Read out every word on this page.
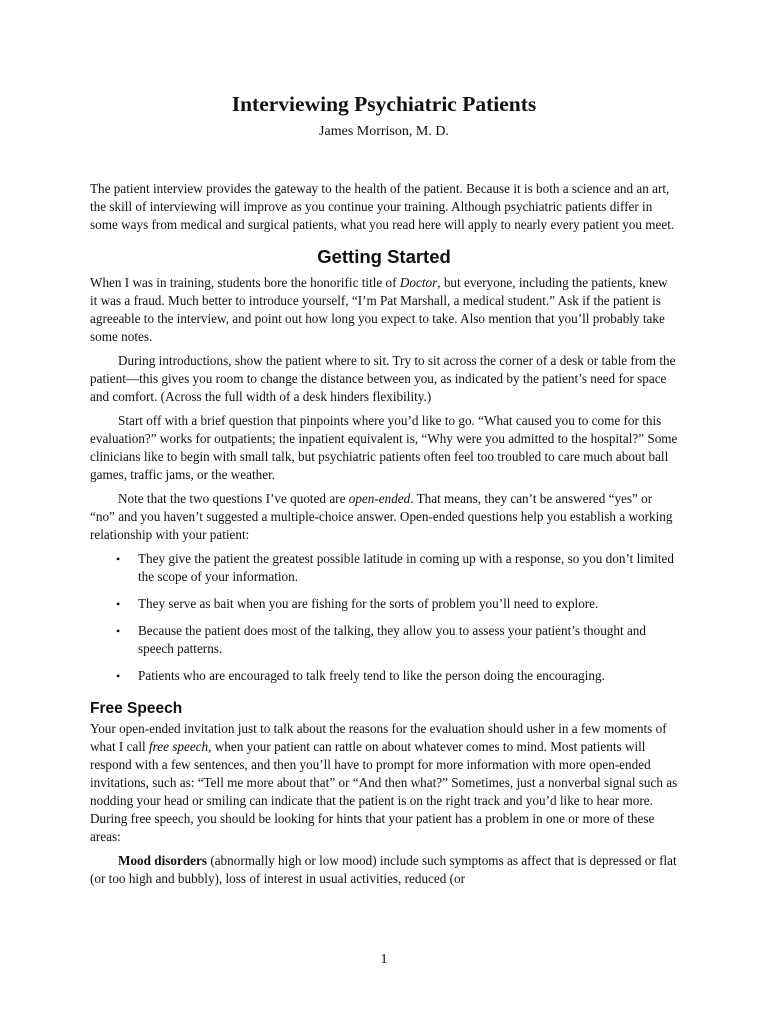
Interviewing Psychiatric Patients

James Morrison, M. D.

The patient interview provides the gateway to the health of the patient. Because it is both a science and an art, the skill of interviewing will improve as you continue your training. Although psychiatric patients differ in some ways from medical and surgical patients, what you read here will apply to nearly every patient you meet.

Getting Started

When I was in training, students bore the honorific title of Doctor, but everyone, including the patients, knew it was a fraud. Much better to introduce yourself, “I’m Pat Marshall, a medical student.” Ask if the patient is agreeable to the interview, and point out how long you expect to take. Also mention that you’ll probably take some notes.

During introductions, show the patient where to sit. Try to sit across the corner of a desk or table from the patient—this gives you room to change the distance between you, as indicated by the patient’s need for space and comfort. (Across the full width of a desk hinders flexibility.)

Start off with a brief question that pinpoints where you’d like to go. “What caused you to come for this evaluation?” works for outpatients; the inpatient equivalent is, “Why were you admitted to the hospital?” Some clinicians like to begin with small talk, but psychiatric patients often feel too troubled to care much about ball games, traffic jams, or the weather.

Note that the two questions I’ve quoted are open-ended. That means, they can’t be answered “yes” or “no” and you haven’t suggested a multiple-choice answer. Open-ended questions help you establish a working relationship with your patient:

• They give the patient the greatest possible latitude in coming up with a response, so you don’t limited the scope of your information.
• They serve as bait when you are fishing for the sorts of problem you’ll need to explore.
• Because the patient does most of the talking, they allow you to assess your patient’s thought and speech patterns.
• Patients who are encouraged to talk freely tend to like the person doing the encouraging.
Free Speech

Your open-ended invitation just to talk about the reasons for the evaluation should usher in a few moments of what I call free speech, when your patient can rattle on about whatever comes to mind. Most patients will respond with a few sentences, and then you’ll have to prompt for more information with more open-ended invitations, such as: “Tell me more about that” or “And then what?” Sometimes, just a nonverbal signal such as nodding your head or smiling can indicate that the patient is on the right track and you’d like to hear more. During free speech, you should be looking for hints that your patient has a problem in one or more of these areas:

Mood disorders (abnormally high or low mood) include such symptoms as affect that is depressed or flat (or too high and bubbly), loss of interest in usual activities, reduced (or

1
